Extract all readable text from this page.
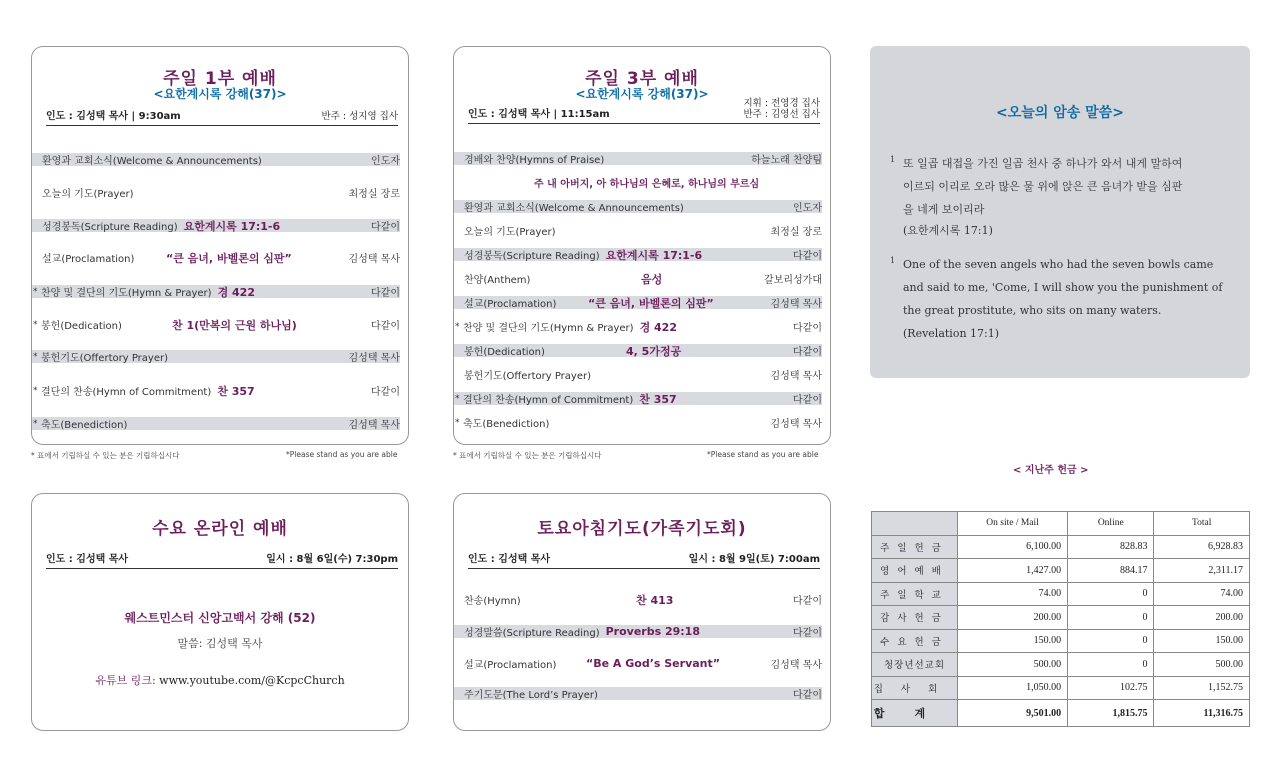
주일 1부 예배
<요한계시록 강해(37)>
인도 : 김성택 목사 | 9:30am	반주 : 성지영 집사
환영과 교회소식(Welcome & Announcements)	인도자
오늘의 기도(Prayer)	최정실 장로
성경봉독(Scripture Reading) 요한계시록 17:1-6	다같이
설교(Proclamation)	“큰 음녀, 바벨론의 심판”	김성택 목사
* 찬양 및 결단의 기도(Hymn & Prayer) 경 422	다같이
* 봉헌(Dedication)	찬 1(만복의 근원 하나님)	다같이
* 봉헌기도(Offertory Prayer)	김성택 목사
* 결단의 찬송(Hymn of Commitment) 찬 357	다같이
* 축도(Benediction)	김성택 목사
* 표에서 기립하실 수 있는 분은 기립하십시다	*Please stand as you are able
주일 3부 예배
<요한계시록 강해(37)>
인도 : 김성택 목사 | 11:15am
지휘 : 전영경 집사
반주 : 김영선 집사
경배와 찬양(Hymns of Praise)	하늘노래 찬양팀
주 내 아버지, 아 하나님의 은혜로, 하나님의 부르심
환영과 교회소식(Welcome & Announcements)	인도자
오늘의 기도(Prayer)	최정실 장로
성경봉독(Scripture Reading) 요한계시록 17:1-6	다같이
찬양(Anthem)	음성	갈보리성가대
설교(Proclamation)	“큰 음녀, 바벨론의 심판”	김성택 목사
* 찬양 및 결단의 기도(Hymn & Prayer) 경 422	다같이
봉헌(Dedication)	4, 5가정공	다같이
봉헌기도(Offertory Prayer)	김성택 목사
* 결단의 찬송(Hymn of Commitment) 찬 357	다같이
* 축도(Benediction)	김성택 목사
* 표에서 기립하실 수 있는 분은 기립하십시다	*Please stand as you are able
<오늘의 암송 말씀>
1 또 일곱 대접을 가진 일곱 천사 중 하나가 와서 내게 말하여
이르되 이리로 오라 많은 물 위에 앉은 큰 음녀가 받을 심판
을 네게 보이리라
(요한계시록 17:1)
1 One of the seven angels who had the seven bowls came
and said to me, 'Come, I will show you the punishment of
the great prostitute, who sits on many waters.
(Revelation 17:1)
수요 온라인 예배
인도 : 김성택 목사	일시 : 8월 6일(수) 7:30pm
웨스트민스터 신앙고백서 강해 (52)
말씀: 김성택 목사
유튜브 링크: www.youtube.com/@KcpcChurch
토요아침기도(가족기도회)
인도 : 김성택 목사	일시 : 8월 9일(토) 7:00am
찬송(Hymn)	찬 413	다같이
성경말씀(Scripture Reading) Proverbs 29:18	다같이
설교(Proclamation)	“Be A God’s Servant”	김성택 목사
주기도문(The Lord’s Prayer)	다같이
< 지난주 헌금 >
	On site / Mail	Online	Total
주일헌금	6,100.00	828.83	6,928.83
영어예배	1,427.00	884.17	2,311.17
주일학교	74.00	0	74.00
감사헌금	200.00	0	200.00
수요헌금	150.00	0	150.00
청장년선교회	500.00	0	500.00
집사회	1,050.00	102.75	1,152.75
합계	9,501.00	1,815.75	11,316.75
